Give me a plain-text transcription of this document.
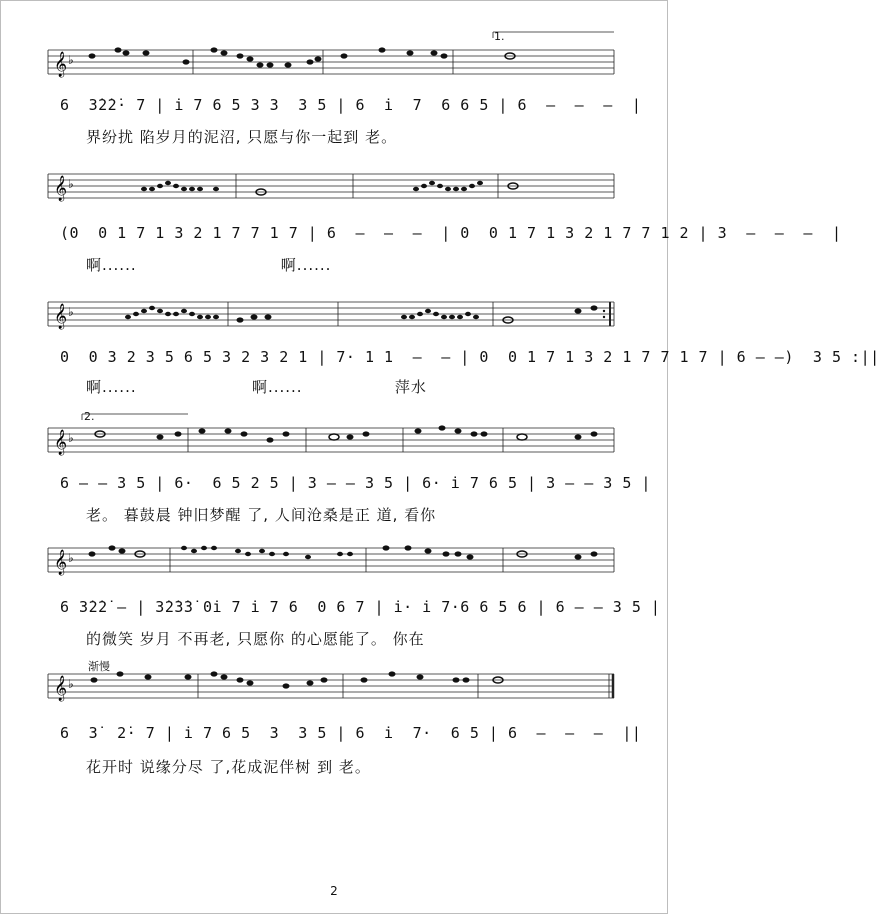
𝄞 ♭
6  3̇2̇2̇· 7 | i̇ 7 6 5 3 3  3 5 | 6  i̇  7  6 6 5 | 6  –  –  –  |
界纷扰 陷岁月的泥沼, 只愿与你一起到 老。
𝄞 ♭
(0  0 1 7 1 3 2 1 7 7 1 7 | 6  –  –  –  | 0  0 1 7 1 3 2 1 7 7 1 2 | 3  –  –  –  |
啊......                         啊......
𝄞 ♭
0  0 3 2 3 5 6 5 3 2 3 2 1 | 7· 1 1  –  – | 0  0 1 7 1 3 2 1 7 7 1 7 | 6 – –)  3 5 :||
啊......                    啊......                萍水
2.
𝄞 ♭
6 – – 3 5 | 6·  6 5 2 5 | 3 – – 3 5 | 6· i̇ 7 6 5 | 3 – – 3 5 |
老。 暮鼓晨 钟旧梦醒 了, 人间沧桑是正 道, 看你
𝄞 ♭
6 3̇2̇2̇ – | 3̇2̇3̇3̇ 0i̇ 7 i̇ 7 6  0 6 7 | i̇· i̇ 7·6 6 5 6 | 6 – – 3 5 |
的微笑 岁月 不再老, 只愿你 的心愿能了。 你在
渐慢
𝄞 ♭
6  3̇  2̇· 7 | i̇ 7 6 5  3  3 5 | 6  i̇  7·  6 5 | 6  –  –  –  ||
花开时 说缘分尽 了,花成泥伴树 到 老。
1.
2
